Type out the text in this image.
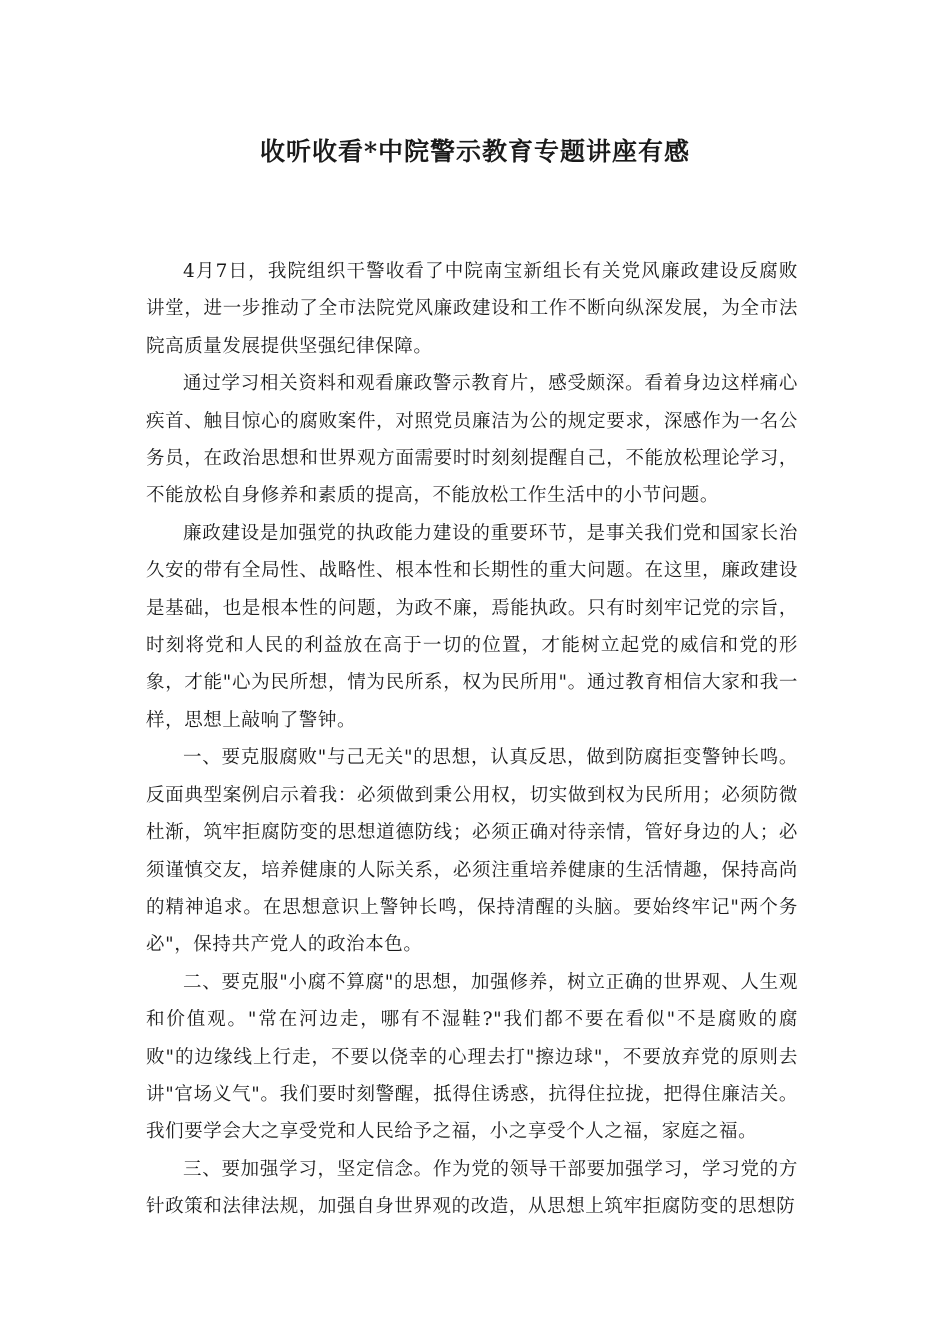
收听收看*中院警示教育专题讲座有感

4月7日，我院组织干警收看了中院南宝新组长有关党风廉政建设反腐败讲堂，进一步推动了全市法院党风廉政建设和工作不断向纵深发展，为全市法院高质量发展提供坚强纪律保障。

通过学习相关资料和观看廉政警示教育片，感受颇深。看着身边这样痛心疾首、触目惊心的腐败案件，对照党员廉洁为公的规定要求，深感作为一名公务员，在政治思想和世界观方面需要时时刻刻提醒自己，不能放松理论学习，不能放松自身修养和素质的提高，不能放松工作生活中的小节问题。

廉政建设是加强党的执政能力建设的重要环节，是事关我们党和国家长治久安的带有全局性、战略性、根本性和长期性的重大问题。在这里，廉政建设是基础，也是根本性的问题，为政不廉，焉能执政。只有时刻牢记党的宗旨，时刻将党和人民的利益放在高于一切的位置，才能树立起党的威信和党的形象，才能"心为民所想，情为民所系，权为民所用"。通过教育相信大家和我一样，思想上敲响了警钟。

一、要克服腐败"与己无关"的思想，认真反思，做到防腐拒变警钟长鸣。反面典型案例启示着我：必须做到秉公用权，切实做到权为民所用；必须防微杜渐，筑牢拒腐防变的思想道德防线；必须正确对待亲情，管好身边的人；必须谨慎交友，培养健康的人际关系，必须注重培养健康的生活情趣，保持高尚的精神追求。在思想意识上警钟长鸣，保持清醒的头脑。要始终牢记"两个务必"，保持共产党人的政治本色。

二、要克服"小腐不算腐"的思想，加强修养，树立正确的世界观、人生观和价值观。"常在河边走，哪有不湿鞋?"我们都不要在看似"不是腐败的腐败"的边缘线上行走，不要以侥幸的心理去打"擦边球"，不要放弃党的原则去讲"官场义气"。我们要时刻警醒，抵得住诱惑，抗得住拉拢，把得住廉洁关。我们要学会大之享受党和人民给予之福，小之享受个人之福，家庭之福。

三、要加强学习，坚定信念。作为党的领导干部要加强学习，学习党的方针政策和法律法规，加强自身世界观的改造，从思想上筑牢拒腐防变的思想防
